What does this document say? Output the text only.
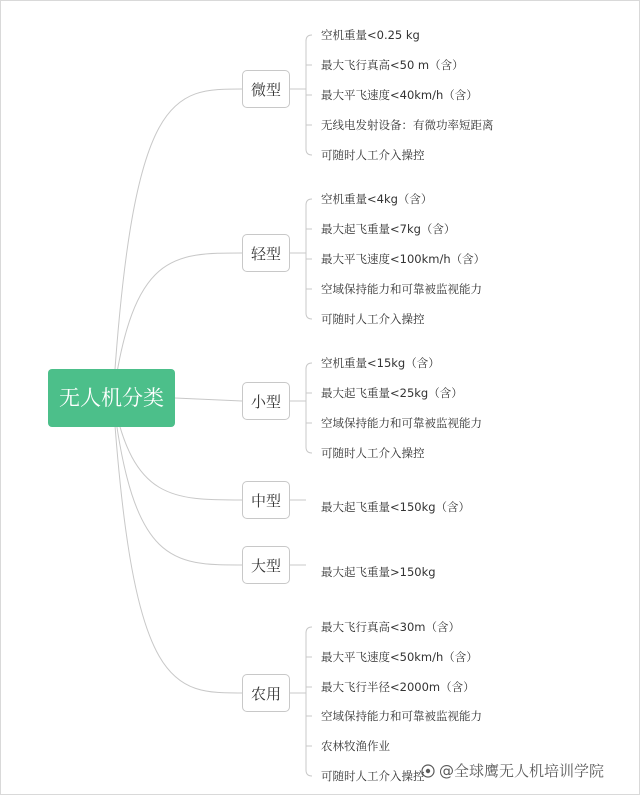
无人机分类
微型
空机重量<0.25 kg
最大飞行真高<50 m（含）
最大平飞速度<40km/h（含）
无线电发射设备：有微功率短距离
可随时人工介入操控
轻型
空机重量<4kg（含）
最大起飞重量<7kg（含）
最大平飞速度<100km/h（含）
空域保持能力和可靠被监视能力
可随时人工介入操控
小型
空机重量<15kg（含）
最大起飞重量<25kg（含）
空域保持能力和可靠被监视能力
可随时人工介入操控
中型	最大起飞重量<150kg（含）
大型	最大起飞重量>150kg
农用
最大飞行真高<30m（含）
最大平飞速度<50km/h（含）
最大飞行半径<2000m（含）
空域保持能力和可靠被监视能力
农林牧渔作业
可随时人工介入操控 @全球鹰无人机培训学院
